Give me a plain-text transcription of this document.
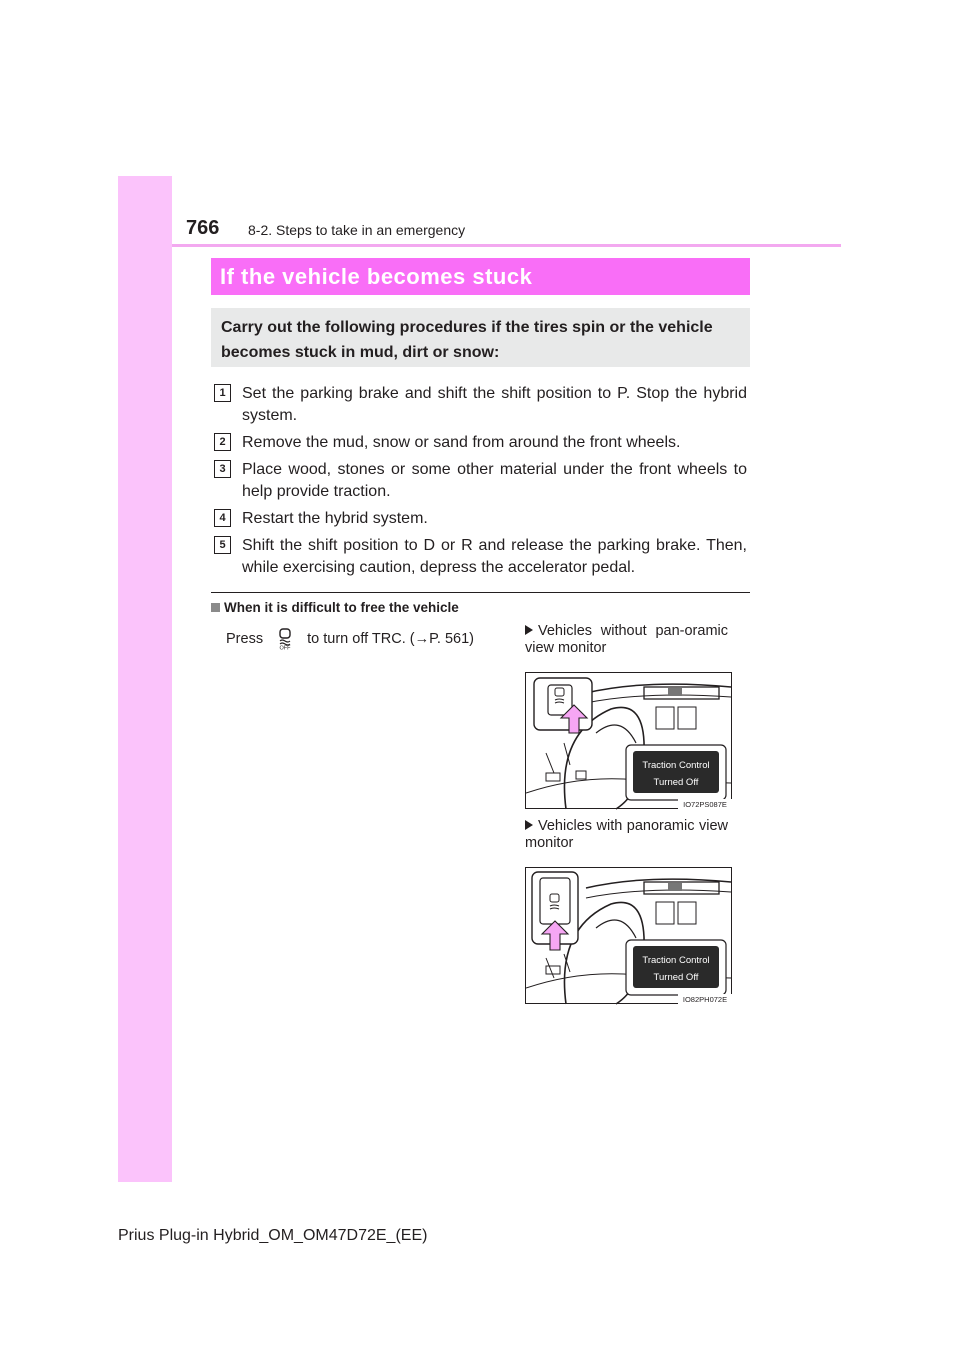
766 8-2. Steps to take in an emergency
If the vehicle becomes stuck
Carry out the following procedures if the tires spin or the vehicle becomes stuck in mud, dirt or snow:
1	Set the parking brake and shift the shift position to P. Stop the hybrid system.
2	Remove the mud, snow or sand from around the front wheels.
3	Place wood, stones or some other material under the front wheels to help provide traction.
4	Restart the hybrid system.
5	Shift the shift position to D or R and release the parking brake. Then, while exercising caution, depress the accelerator pedal.
When it is difficult to free the vehicle
Press
OFF
to turn off TRC. (→P. 561)	Vehicles without pan-oramic view monitor
Traction Control
Turned Off
IO72PS087E
Vehicles with panoramic view monitor
Traction Control
Turned Off
IO82PH072E
Prius Plug-in Hybrid_OM_OM47D72E_(EE)
